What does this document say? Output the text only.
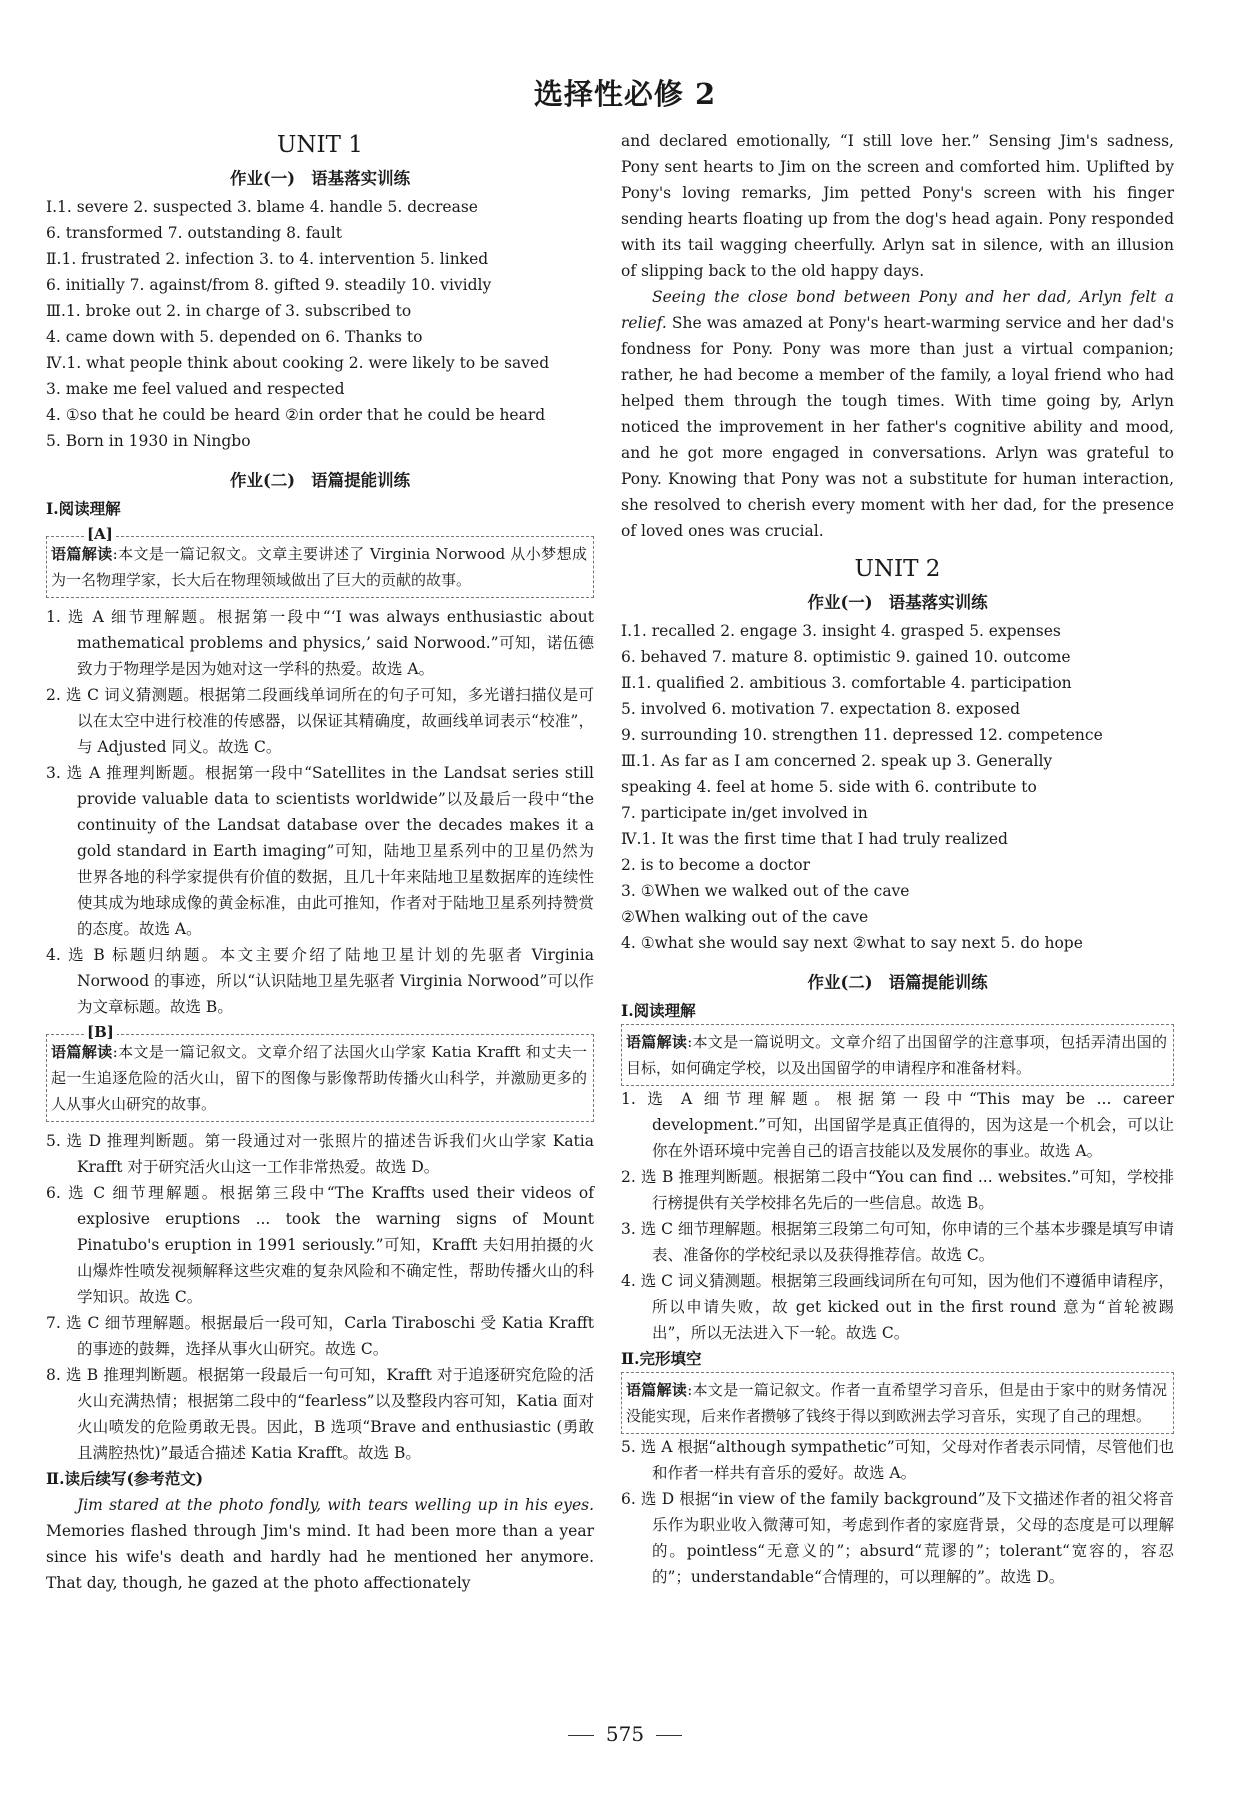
选择性必修 2
UNIT 1
作业(一) 语基落实训练
Ⅰ.1. severe 2. suspected 3. blame 4. handle 5. decrease
6. transformed 7. outstanding 8. fault
Ⅱ.1. frustrated 2. infection 3. to 4. intervention 5. linked
6. initially 7. against/from 8. gifted 9. steadily 10. vividly
Ⅲ.1. broke out 2. in charge of 3. subscribed to
4. came down with 5. depended on 6. Thanks to
Ⅳ.1. what people think about cooking 2. were likely to be saved
3. make me feel valued and respected
4. ①so that he could be heard ②in order that he could be heard
5. Born in 1930 in Ningbo
作业(二) 语篇提能训练
Ⅰ.阅读理解
[A]
语篇解读:本文是一篇记叙文。文章主要讲述了 Virginia Norwood 从小梦想成为一名物理学家，长大后在物理领域做出了巨大的贡献的故事。
1. 选 A 细节理解题。根据第一段中“‘I was always enthusiastic about mathematical problems and physics,’ said Norwood.”可知，诺伍德致力于物理学是因为她对这一学科的热爱。故选 A。
2. 选 C 词义猜测题。根据第二段画线单词所在的句子可知，多光谱扫描仪是可以在太空中进行校准的传感器，以保证其精确度，故画线单词表示“校准”，与 Adjusted 同义。故选 C。
3. 选 A 推理判断题。根据第一段中“Satellites in the Landsat series still provide valuable data to scientists worldwide”以及最后一段中“the continuity of the Landsat database over the decades makes it a gold standard in Earth imaging”可知，陆地卫星系列中的卫星仍然为世界各地的科学家提供有价值的数据，且几十年来陆地卫星数据库的连续性使其成为地球成像的黄金标准，由此可推知，作者对于陆地卫星系列持赞赏的态度。故选 A。
4. 选 B 标题归纳题。本文主要介绍了陆地卫星计划的先驱者 Virginia Norwood 的事迹，所以“认识陆地卫星先驱者 Virginia Norwood”可以作为文章标题。故选 B。
[B]
语篇解读:本文是一篇记叙文。文章介绍了法国火山学家 Katia Krafft 和丈夫一起一生追逐危险的活火山，留下的图像与影像帮助传播火山科学，并激励更多的人从事火山研究的故事。
5. 选 D 推理判断题。第一段通过对一张照片的描述告诉我们火山学家 Katia Krafft 对于研究活火山这一工作非常热爱。故选 D。
6. 选 C 细节理解题。根据第三段中“The Kraffts used their videos of explosive eruptions ... took the warning signs of Mount Pinatubo's eruption in 1991 seriously.”可知，Krafft 夫妇用拍摄的火山爆炸性喷发视频解释这些灾难的复杂风险和不确定性，帮助传播火山的科学知识。故选 C。
7. 选 C 细节理解题。根据最后一段可知，Carla Tiraboschi 受 Katia Krafft 的事迹的鼓舞，选择从事火山研究。故选 C。
8. 选 B 推理判断题。根据第一段最后一句可知，Krafft 对于追逐研究危险的活火山充满热情；根据第二段中的“fearless”以及整段内容可知，Katia 面对火山喷发的危险勇敢无畏。因此，B 选项“Brave and enthusiastic (勇敢且满腔热忱)”最适合描述 Katia Krafft。故选 B。
Ⅱ.读后续写(参考范文)
Jim stared at the photo fondly, with tears welling up in his eyes. Memories flashed through Jim's mind. It had been more than a year since his wife's death and hardly had he mentioned her anymore. That day, though, he gazed at the photo affectionately
and declared emotionally, “I still love her.” Sensing Jim's sadness, Pony sent hearts to Jim on the screen and comforted him. Uplifted by Pony's loving remarks, Jim petted Pony's screen with his finger sending hearts floating up from the dog's head again. Pony responded with its tail wagging cheerfully. Arlyn sat in silence, with an illusion of slipping back to the old happy days.
Seeing the close bond between Pony and her dad, Arlyn felt a relief. She was amazed at Pony's heart-warming service and her dad's fondness for Pony. Pony was more than just a virtual companion; rather, he had become a member of the family, a loyal friend who had helped them through the tough times. With time going by, Arlyn noticed the improvement in her father's cognitive ability and mood, and he got more engaged in conversations. Arlyn was grateful to Pony. Knowing that Pony was not a substitute for human interaction, she resolved to cherish every moment with her dad, for the presence of loved ones was crucial.
UNIT 2
作业(一) 语基落实训练
Ⅰ.1. recalled 2. engage 3. insight 4. grasped 5. expenses
6. behaved 7. mature 8. optimistic 9. gained 10. outcome
Ⅱ.1. qualified 2. ambitious 3. comfortable 4. participation
5. involved 6. motivation 7. expectation 8. exposed
9. surrounding 10. strengthen 11. depressed 12. competence
Ⅲ.1. As far as I am concerned 2. speak up 3. Generally
speaking 4. feel at home 5. side with 6. contribute to
7. participate in/get involved in
Ⅳ.1. It was the first time that I had truly realized
2. is to become a doctor
3. ①When we walked out of the cave
②When walking out of the cave
4. ①what she would say next ②what to say next 5. do hope
作业(二) 语篇提能训练
Ⅰ.阅读理解
语篇解读:本文是一篇说明文。文章介绍了出国留学的注意事项，包括弄清出国的目标，如何确定学校，以及出国留学的申请程序和准备材料。
1. 选 A 细节理解题。根据第一段中“This may be ... career development.”可知，出国留学是真正值得的，因为这是一个机会，可以让你在外语环境中完善自己的语言技能以及发展你的事业。故选 A。
2. 选 B 推理判断题。根据第二段中“You can find ... websites.”可知，学校排行榜提供有关学校排名先后的一些信息。故选 B。
3. 选 C 细节理解题。根据第三段第二句可知，你申请的三个基本步骤是填写申请表、准备你的学校纪录以及获得推荐信。故选 C。
4. 选 C 词义猜测题。根据第三段画线词所在句可知，因为他们不遵循申请程序，所以申请失败，故 get kicked out in the first round 意为“首轮被踢出”，所以无法进入下一轮。故选 C。
Ⅱ.完形填空
语篇解读:本文是一篇记叙文。作者一直希望学习音乐，但是由于家中的财务情况没能实现，后来作者攒够了钱终于得以到欧洲去学习音乐，实现了自己的理想。
5. 选 A 根据“although sympathetic”可知，父母对作者表示同情，尽管他们也和作者一样共有音乐的爱好。故选 A。
6. 选 D 根据“in view of the family background”及下文描述作者的祖父将音乐作为职业收入微薄可知，考虑到作者的家庭背景，父母的态度是可以理解的。pointless“无意义的”；absurd“荒谬的”；tolerant“宽容的，容忍的”；understandable“合情理的，可以理解的”。故选 D。
575
